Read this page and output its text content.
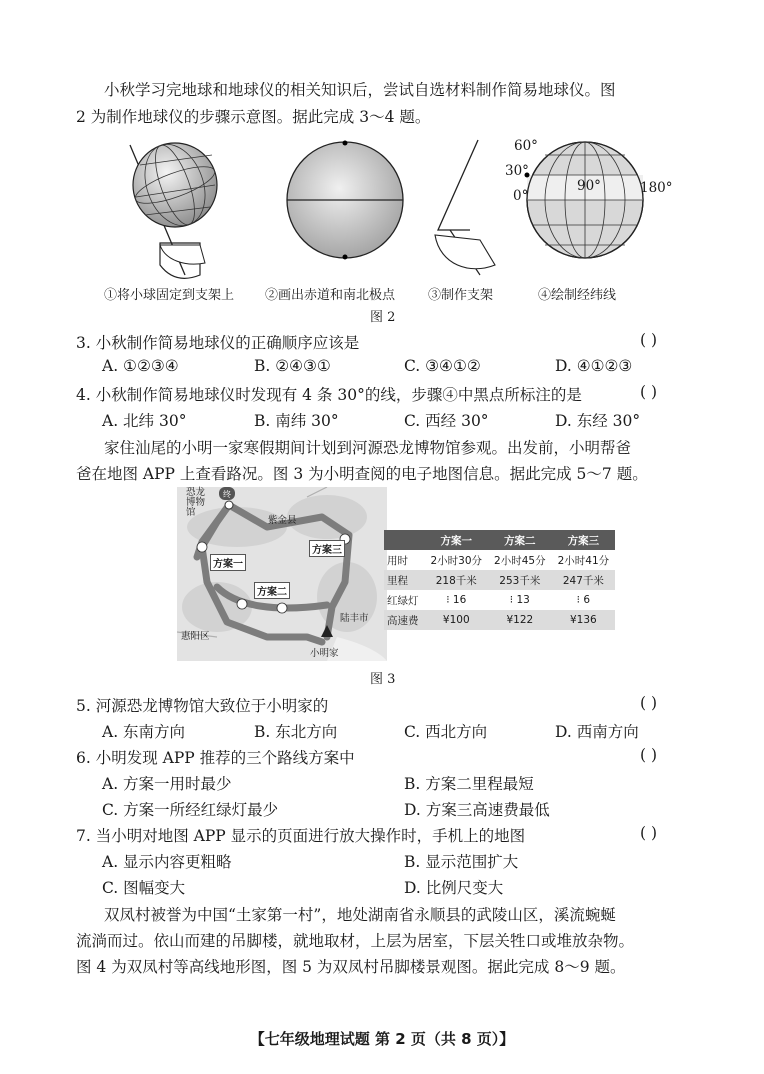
小秋学习完地球和地球仪的相关知识后，尝试自选材料制作简易地球仪。图
2 为制作地球仪的步骤示意图。据此完成 3～4 题。
60°
30°
0°
90°	180°
①将小球固定到支架上 ②画出赤道和南北极点	③制作支架	④绘制经纬线
图 2
3. 小秋制作简易地球仪的正确顺序应该是	( )
A. ①②③④	B. ②④③①	C. ③④①②	D. ④①②③
4. 小秋制作简易地球仪时发现有 4 条 30°的线，步骤④中黑点所标注的是	( )
A. 北纬 30°	B. 南纬 30°	C. 西经 30°	D. 东经 30°
家住汕尾的小明一家寒假期间计划到河源恐龙博物馆参观。出发前，小明帮爸
爸在地图 APP 上查看路况。图 3 为小明查阅的电子地图信息。据此完成 5～7 题。
终
恐龙博物馆
紫金县
方案一
方案二
方案三
陆丰市
惠阳区
小明家
	方案一	方案二	方案三
用时	2小时30分	2小时45分	2小时41分
里程	218千米	253千米	247千米
红绿灯	⁝ 16	⁝ 13	⁝ 6
高速费	¥100	¥122	¥136
图 3
5. 河源恐龙博物馆大致位于小明家的	( )
A. 东南方向	B. 东北方向	C. 西北方向	D. 西南方向
6. 小明发现 APP 推荐的三个路线方案中	( )
A. 方案一用时最少	B. 方案二里程最短
C. 方案一所经红绿灯最少	D. 方案三高速费最低
7. 当小明对地图 APP 显示的页面进行放大操作时，手机上的地图	( )
A. 显示内容更粗略	B. 显示范围扩大
C. 图幅变大	D. 比例尺变大
双凤村被誉为中国“土家第一村”，地处湖南省永顺县的武陵山区，溪流蜿蜒
流淌而过。依山而建的吊脚楼，就地取材，上层为居室，下层关牲口或堆放杂物。
图 4 为双凤村等高线地形图，图 5 为双凤村吊脚楼景观图。据此完成 8～9 题。
【七年级地理试题 第 2 页（共 8 页）】
